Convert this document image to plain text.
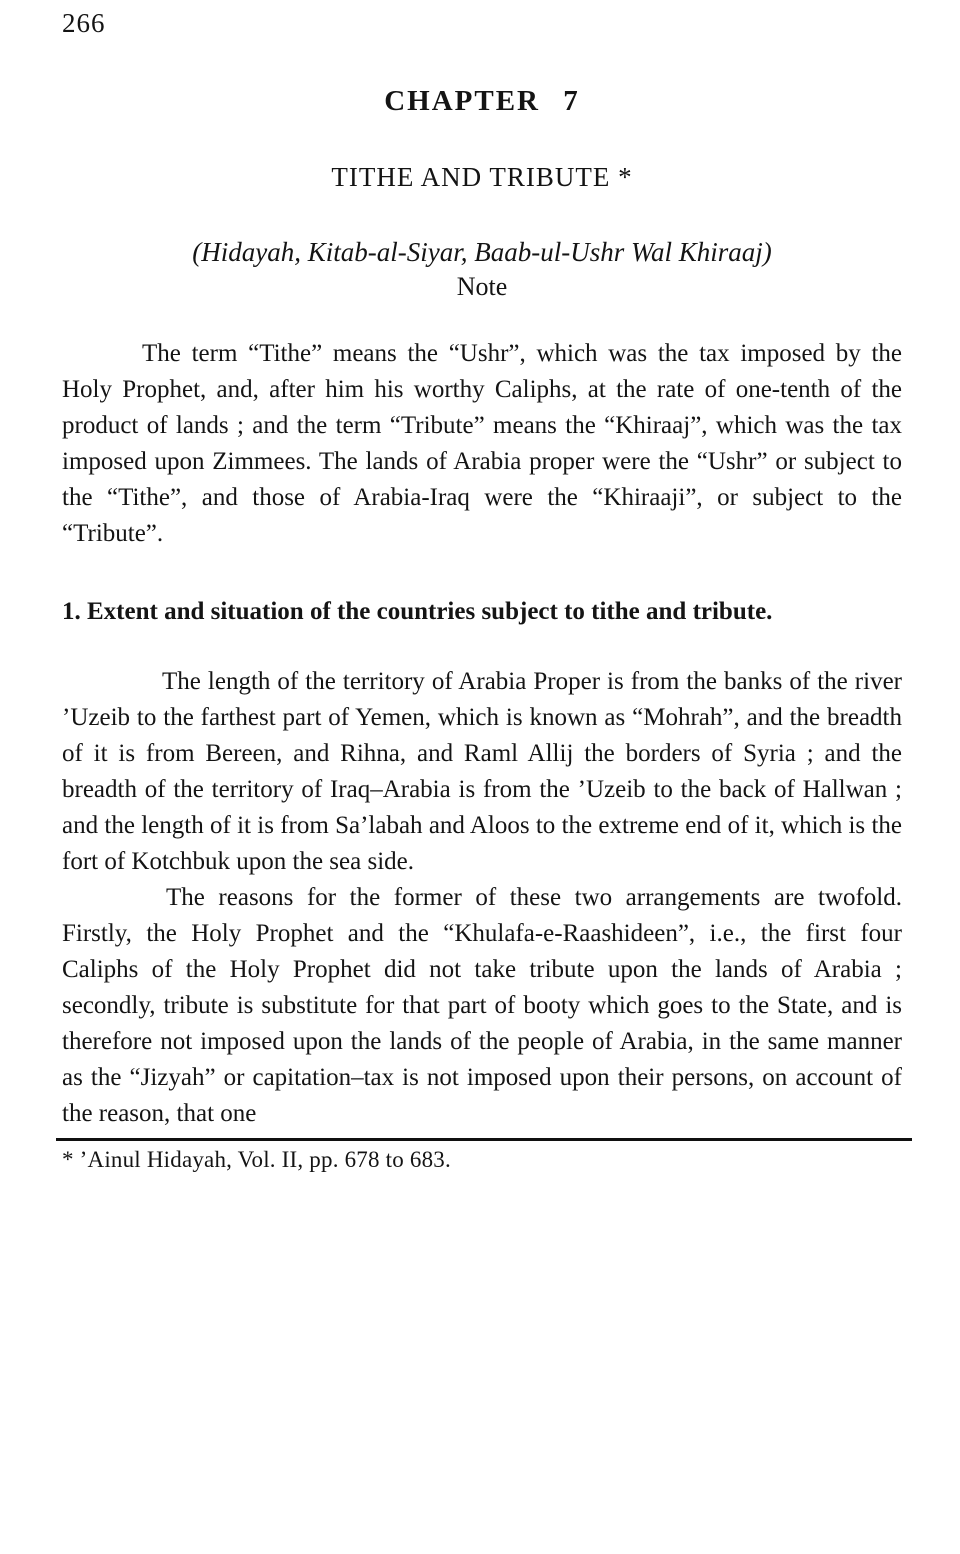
266
CHAPTER 7
TITHE AND TRIBUTE *
(Hidayah, Kitab-al-Siyar, Baab-ul-Ushr Wal Khiraaj)
Note

The term “Tithe” means the “Ushr”, which was the tax imposed by the Holy Prophet, and, after him his worthy Caliphs, at the rate of one-tenth of the product of lands ; and the term “Tribute” means the “Khiraaj”, which was the tax imposed upon Zimmees. The lands of Arabia proper were the “Ushr” or subject to the “Tithe”, and those of Arabia-Iraq were the “Khiraaji”, or subject to the “Tribute”.

1. Extent and situation of the countries subject to tithe and tribute.

The length of the territory of Arabia Proper is from the banks of the river ’Uzeib to the farthest part of Yemen, which is known as “Mohrah”, and the breadth of it is from Bereen, and Rihna, and Raml Allij the borders of Syria ; and the breadth of the territory of Iraq–Arabia is from the ’Uzeib to the back of Hallwan ; and the length of it is from Sa’labah and Aloos to the extreme end of it, which is the fort of Kotchbuk upon the sea side.

The reasons for the former of these two arrangements are twofold. Firstly, the Holy Prophet and the “Khulafa-e-Raashideen”, i.e., the first four Caliphs of the Holy Prophet did not take tribute upon the lands of Arabia ; secondly, tribute is substitute for that part of booty which goes to the State, and is therefore not imposed upon the lands of the people of Arabia, in the same manner as the “Jizyah” or capitation–tax is not imposed upon their persons, on account of the reason, that one

* ’Ainul Hidayah, Vol. II, pp. 678 to 683.
